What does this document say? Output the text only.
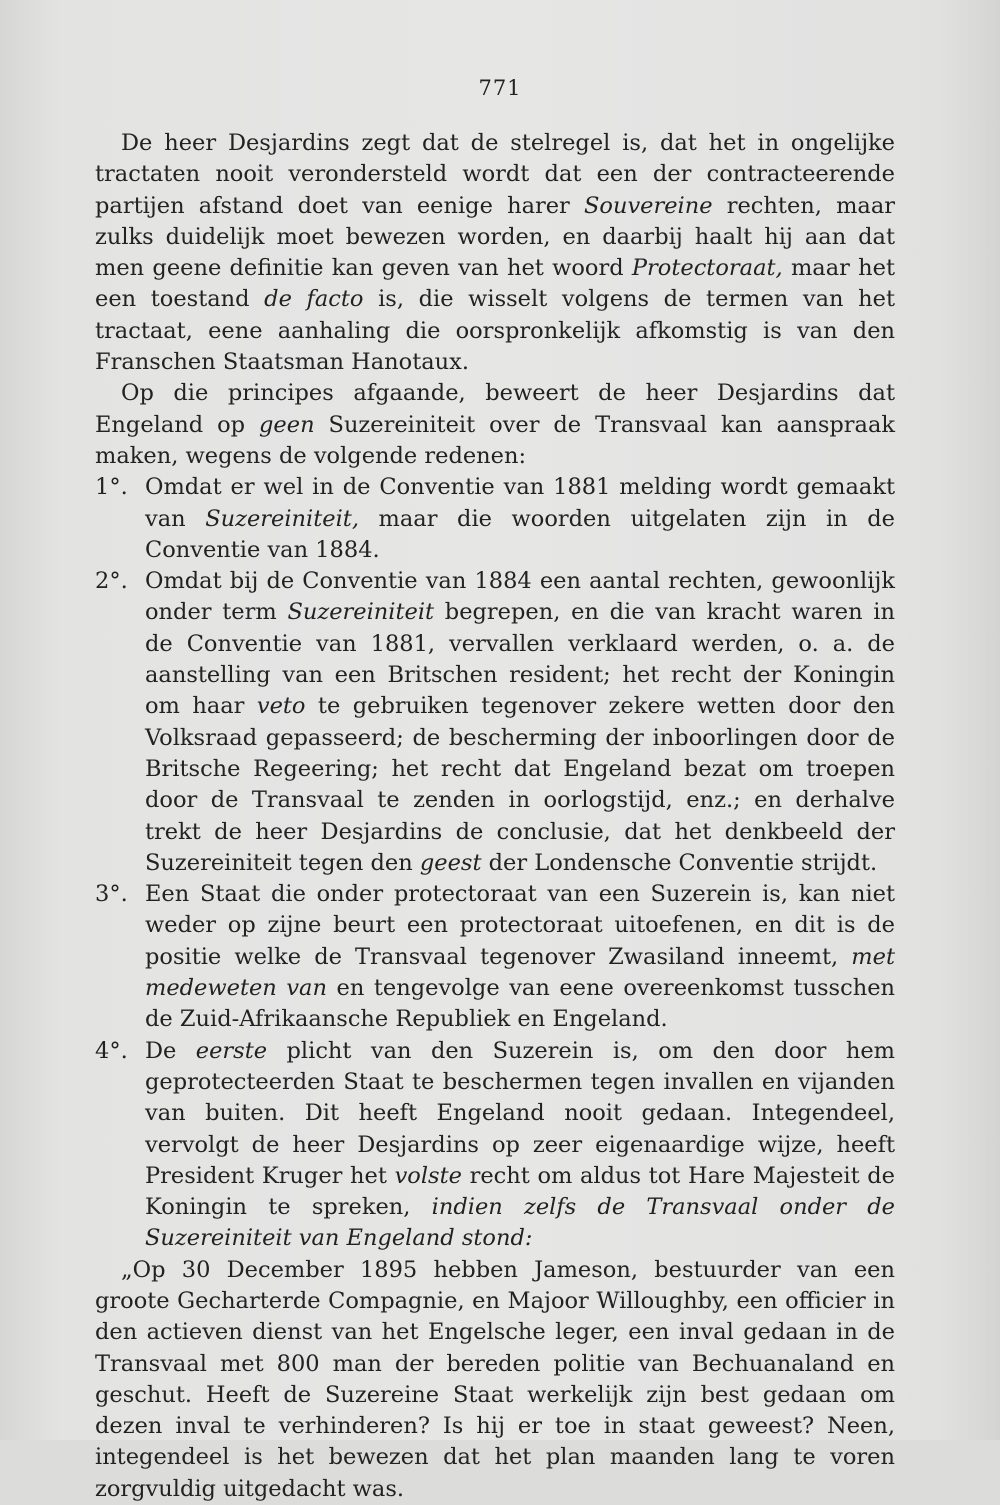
771

De heer Desjardins zegt dat de stelregel is, dat het in ongelijke tractaten nooit verondersteld wordt dat een der contracteerende partijen afstand doet van eenige harer Souvereine rechten, maar zulks duidelijk moet bewezen worden, en daarbij haalt hij aan dat men geene definitie kan geven van het woord Protectoraat, maar het een toestand de facto is, die wisselt volgens de termen van het tractaat, eene aanhaling die oorspronkelijk afkomstig is van den Franschen Staatsman Hanotaux.

Op die principes afgaande, beweert de heer Desjardins dat Engeland op geen Suzereiniteit over de Transvaal kan aanspraak maken, wegens de volgende redenen:

1°. Omdat er wel in de Conventie van 1881 melding wordt gemaakt van Suzereiniteit, maar die woorden uitgelaten zijn in de Conventie van 1884.

2°. Omdat bij de Conventie van 1884 een aantal rechten, gewoonlijk onder term Suzereiniteit begrepen, en die van kracht waren in de Conventie van 1881, vervallen verklaard werden, o. a. de aanstelling van een Britschen resident; het recht der Koningin om haar veto te gebruiken tegenover zekere wetten door den Volksraad gepasseerd; de bescherming der inboorlingen door de Britsche Regeering; het recht dat Engeland bezat om troepen door de Transvaal te zenden in oorlogstijd, enz.; en derhalve trekt de heer Desjardins de conclusie, dat het denkbeeld der Suzereiniteit tegen den geest der Londensche Conventie strijdt.

3°. Een Staat die onder protectoraat van een Suzerein is, kan niet weder op zijne beurt een protectoraat uitoefenen, en dit is de positie welke de Transvaal tegenover Zwasiland inneemt, met medeweten van en tengevolge van eene overeenkomst tusschen de Zuid-Afrikaansche Republiek en Engeland.

4°. De eerste plicht van den Suzerein is, om den door hem geprotecteerden Staat te beschermen tegen invallen en vijanden van buiten. Dit heeft Engeland nooit gedaan. Integendeel, vervolgt de heer Desjardins op zeer eigenaardige wijze, heeft President Kruger het volste recht om aldus tot Hare Majesteit de Koningin te spreken, indien zelfs de Transvaal onder de Suzereiniteit van Engeland stond:

„Op 30 December 1895 hebben Jameson, bestuurder van een groote Gecharterde Compagnie, en Majoor Willoughby, een officier in den actieven dienst van het Engelsche leger, een inval gedaan in de Transvaal met 800 man der bereden politie van Bechuanaland en geschut. Heeft de Suzereine Staat werkelijk zijn best gedaan om dezen inval te verhinderen? Is hij er toe in staat geweest? Neen, integendeel is het bewezen dat het plan maanden lang te voren zorgvuldig uitgedacht was.
